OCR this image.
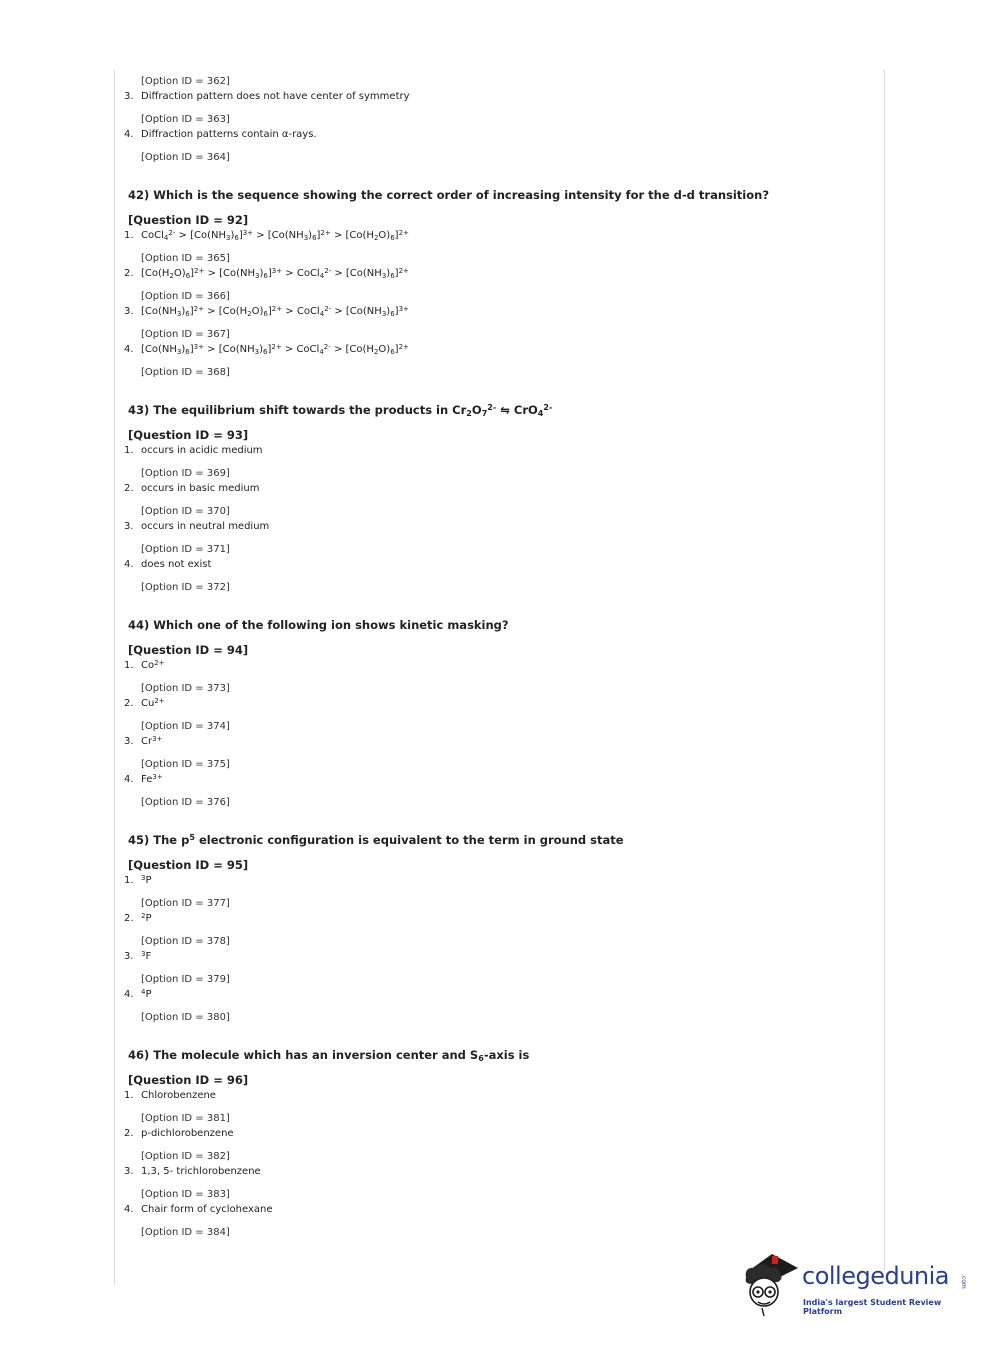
[Option ID = 362]
3. Diffraction pattern does not have center of symmetry
[Option ID = 363]
4. Diffraction patterns contain α-rays.
[Option ID = 364]
42) Which is the sequence showing the correct order of increasing intensity for the d-d transition?
[Question ID = 92]
1. CoCl$_4^{2-}$ > $[Co(NH_3)_6]^{3+} > [Co(NH_3)_6]^{2+} > [Co(H_2O)_6]^{2+}$
[Option ID = 365]
2. $[Co(H_2O)_6]^{2+} > [Co(NH_3)_6]^{3+}$ > CoCl$_4^{2-}$ > $[Co(NH_3)_6]^{2+}$
[Option ID = 366]
3. $[Co(NH_3)_6]^{2+} > [Co(H_2O)_6]^{2+}$ > CoCl$_4^{2-}$ > $[Co(NH_3)_6]^{3+}$
[Option ID = 367]
4. $[Co(NH_3)_6]^{3+} > [Co(NH_3)_6]^{2+}$ > CoCl$_4^{2-}$ > $[Co(H_2O)_6]^{2+}$
[Option ID = 368]
43) The equilibrium shift towards the products in $Cr_2O_7^{2-}$ ⇋ CrO$_4^{2-}$
[Question ID = 93]
1. occurs in acidic medium
[Option ID = 369]
2. occurs in basic medium
[Option ID = 370]
3. occurs in neutral medium
[Option ID = 371]
4. does not exist
[Option ID = 372]
44) Which one of the following ion shows kinetic masking?
[Question ID = 94]
1. $Co^{2+}$
[Option ID = 373]
2. $Cu^{2+}$
[Option ID = 374]
3. $Cr^{3+}$
[Option ID = 375]
4. $Fe^{3+}$
[Option ID = 376]
45) The $p^5$ electronic configuration is equivalent to the term in ground state
[Question ID = 95]
1. $^3$P
[Option ID = 377]
2. $^2$P
[Option ID = 378]
3. $^3$F
[Option ID = 379]
4. $^4$P
[Option ID = 380]
46) The molecule which has an inversion center and $S_6$-axis is
[Question ID = 96]
1. Chlorobenzene
[Option ID = 381]
2. p-dichlorobenzene
[Option ID = 382]
3. 1,3, 5- trichlorobenzene
[Option ID = 383]
4. Chair form of cyclohexane
[Option ID = 384]
collegedunia .com
India's largest Student Review Platform
